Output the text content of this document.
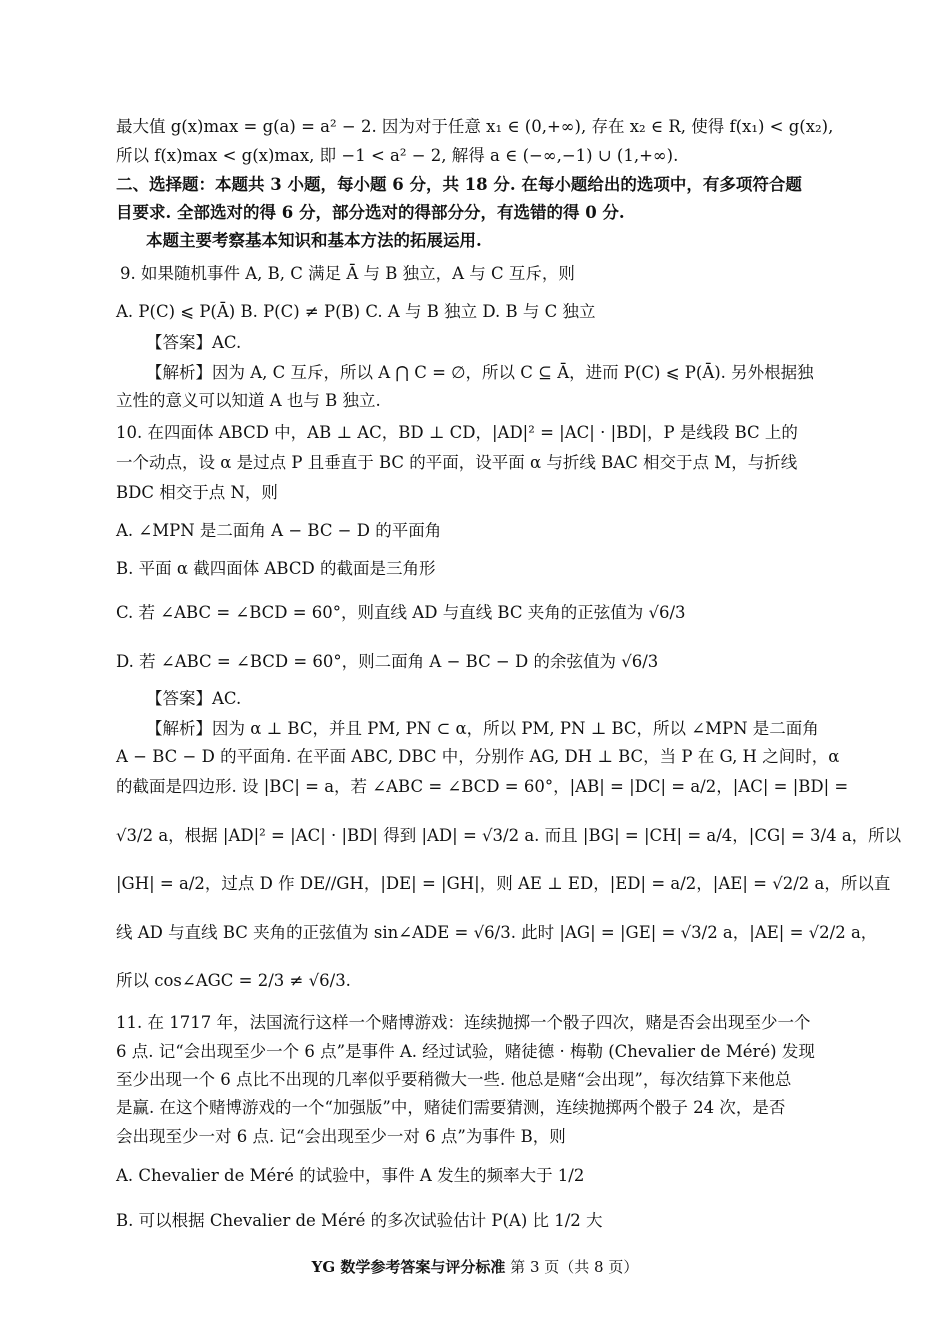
最大值 g(x)max = g(a) = a² − 2. 因为对于任意 x₁ ∈ (0,+∞), 存在 x₂ ∈ R, 使得 f(x₁) < g(x₂),
所以 f(x)max < g(x)max, 即 −1 < a² − 2, 解得 a ∈ (−∞,−1) ∪ (1,+∞).
二、选择题：本题共 3 小题，每小题 6 分，共 18 分. 在每小题给出的选项中，有多项符合题
目要求. 全部选对的得 6 分，部分选对的得部分分，有选错的得 0 分.
本题主要考察基本知识和基本方法的拓展运用.
9. 如果随机事件 A, B, C 满足 Ā 与 B 独立，A 与 C 互斥，则
A. P(C) ⩽ P(Ā) B. P(C) ≠ P(B) C. A 与 B 独立 D. B 与 C 独立
【答案】AC.
【解析】因为 A, C 互斥，所以 A ⋂ C = ∅，所以 C ⊆ Ā，进而 P(C) ⩽ P(Ā). 另外根据独
立性的意义可以知道 A 也与 B 独立.
10. 在四面体 ABCD 中，AB ⊥ AC，BD ⊥ CD，|AD|² = |AC| · |BD|，P 是线段 BC 上的
一个动点，设 α 是过点 P 且垂直于 BC 的平面，设平面 α 与折线 BAC 相交于点 M，与折线
BDC 相交于点 N，则
A. ∠MPN 是二面角 A − BC − D 的平面角
B. 平面 α 截四面体 ABCD 的截面是三角形
C. 若 ∠ABC = ∠BCD = 60°，则直线 AD 与直线 BC 夹角的正弦值为 √6/3
D. 若 ∠ABC = ∠BCD = 60°，则二面角 A − BC − D 的余弦值为 √6/3
【答案】AC.
【解析】因为 α ⊥ BC，并且 PM, PN ⊂ α，所以 PM, PN ⊥ BC，所以 ∠MPN 是二面角
A − BC − D 的平面角. 在平面 ABC, DBC 中，分别作 AG, DH ⊥ BC，当 P 在 G, H 之间时，α
的截面是四边形. 设 |BC| = a，若 ∠ABC = ∠BCD = 60°，|AB| = |DC| = a/2，|AC| = |BD| =
√3/2 a，根据 |AD|² = |AC| · |BD| 得到 |AD| = √3/2 a. 而且 |BG| = |CH| = a/4，|CG| = 3/4 a，所以
|GH| = a/2，过点 D 作 DE//GH，|DE| = |GH|，则 AE ⊥ ED，|ED| = a/2，|AE| = √2/2 a，所以直
线 AD 与直线 BC 夹角的正弦值为 sin∠ADE = √6/3. 此时 |AG| = |GE| = √3/2 a，|AE| = √2/2 a，
所以 cos∠AGC = 2/3 ≠ √6/3.
11. 在 1717 年，法国流行这样一个赌博游戏：连续抛掷一个骰子四次，赌是否会出现至少一个
6 点. 记“会出现至少一个 6 点”是事件 A. 经过试验，赌徒德 · 梅勒 (Chevalier de Méré) 发现
至少出现一个 6 点比不出现的几率似乎要稍微大一些. 他总是赌“会出现”，每次结算下来他总
是赢. 在这个赌博游戏的一个“加强版”中，赌徒们需要猜测，连续抛掷两个骰子 24 次，是否
会出现至少一对 6 点. 记“会出现至少一对 6 点”为事件 B，则
A. Chevalier de Méré 的试验中，事件 A 发生的频率大于 1/2
B. 可以根据 Chevalier de Méré 的多次试验估计 P(A) 比 1/2 大
YG 数学参考答案与评分标准 第 3 页（共 8 页）
